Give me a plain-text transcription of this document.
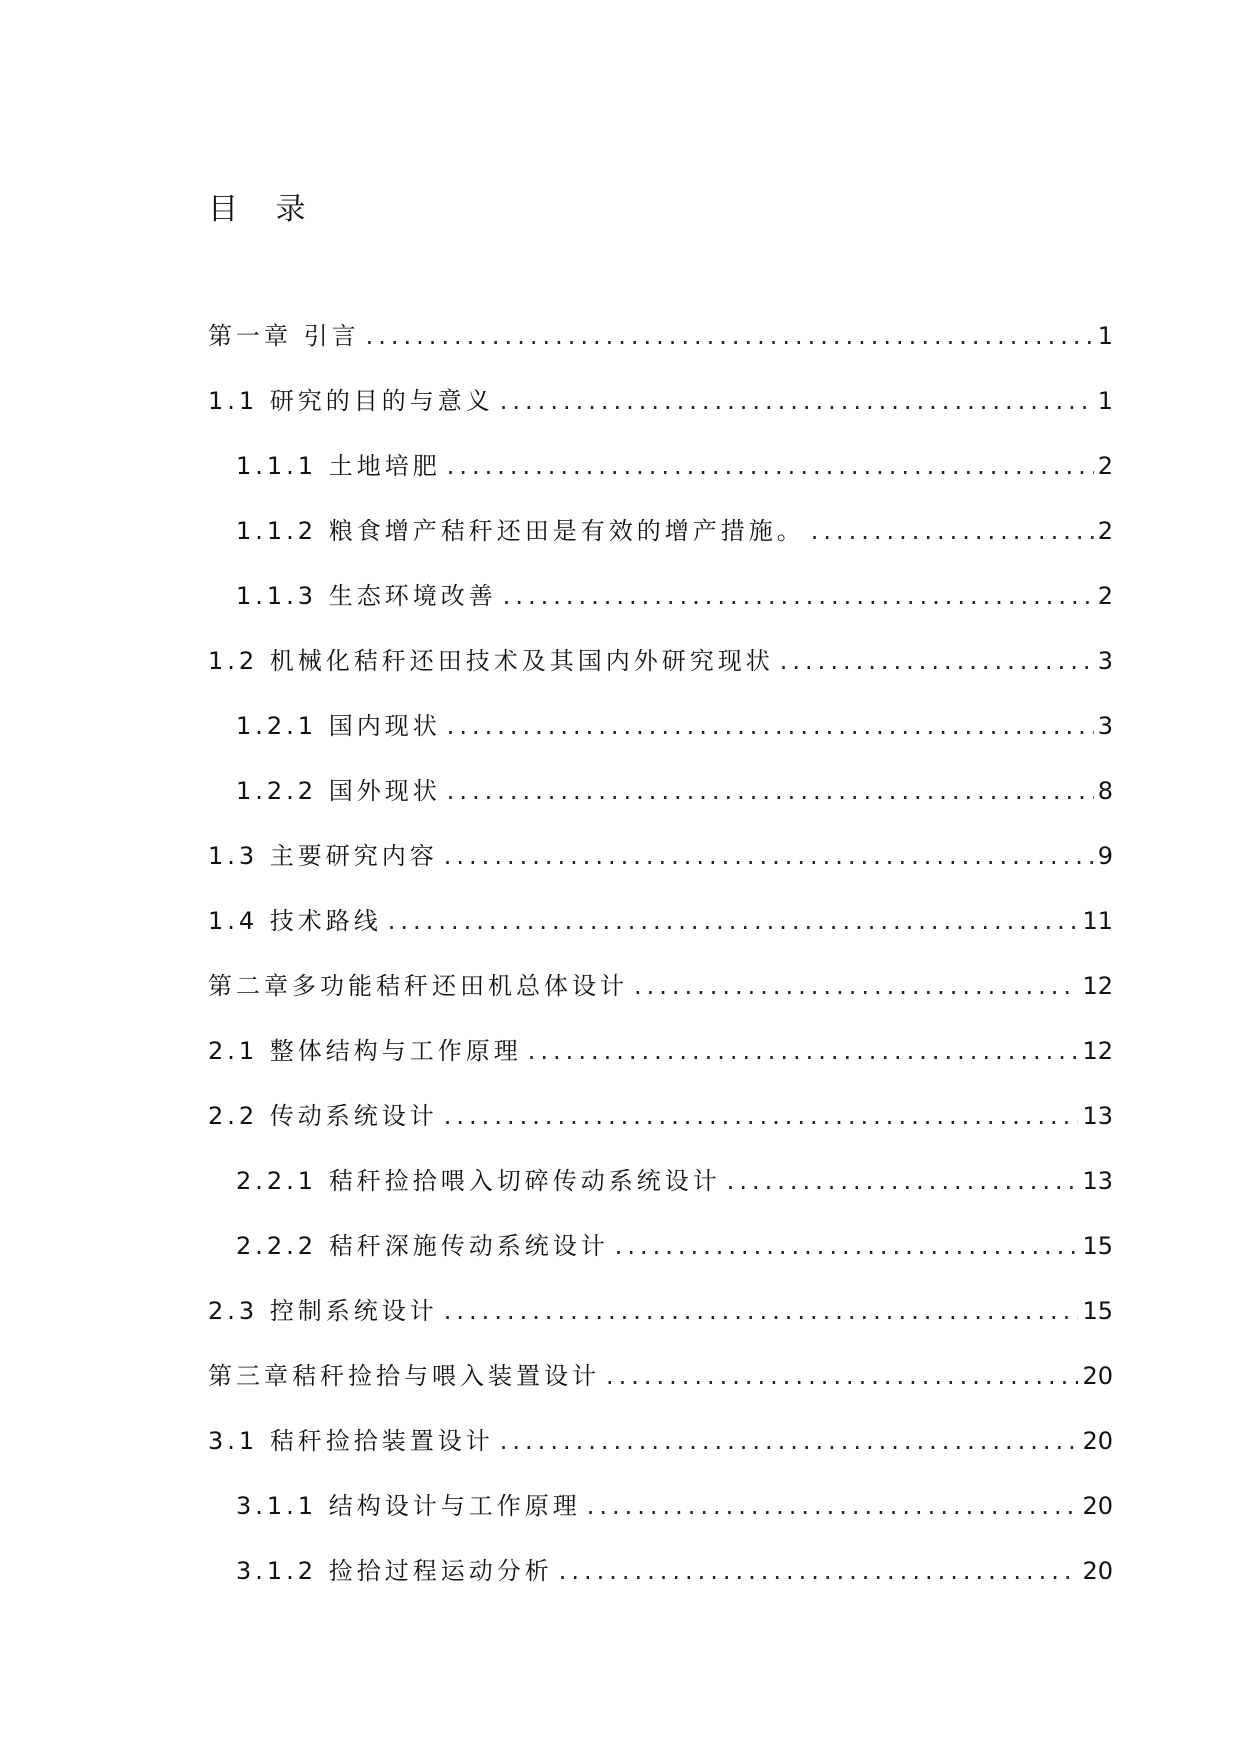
目 录
第一章 引言 .....	1
1.1 研究的目的与意义 .....	1
1.1.1 土地培肥 .....	2
1.1.2 粮食增产秸秆还田是有效的增产措施。 .....	2
1.1.3 生态环境改善 .....	2
1.2 机械化秸秆还田技术及其国内外研究现状 .....	3
1.2.1 国内现状 .....	3
1.2.2 国外现状 .....	8
1.3 主要研究内容 .....	9
1.4 技术路线 .....	11
第二章多功能秸秆还田机总体设计 .....	12
2.1 整体结构与工作原理 .....	12
2.2 传动系统设计 .....	13
2.2.1 秸秆捡拾喂入切碎传动系统设计 .....	13
2.2.2 秸秆深施传动系统设计 .....	15
2.3 控制系统设计 .....	15
第三章秸秆捡拾与喂入装置设计 .....	20
3.1 秸秆捡拾装置设计 .....	20
3.1.1 结构设计与工作原理 .....	20
3.1.2 捡拾过程运动分析 .....	20
